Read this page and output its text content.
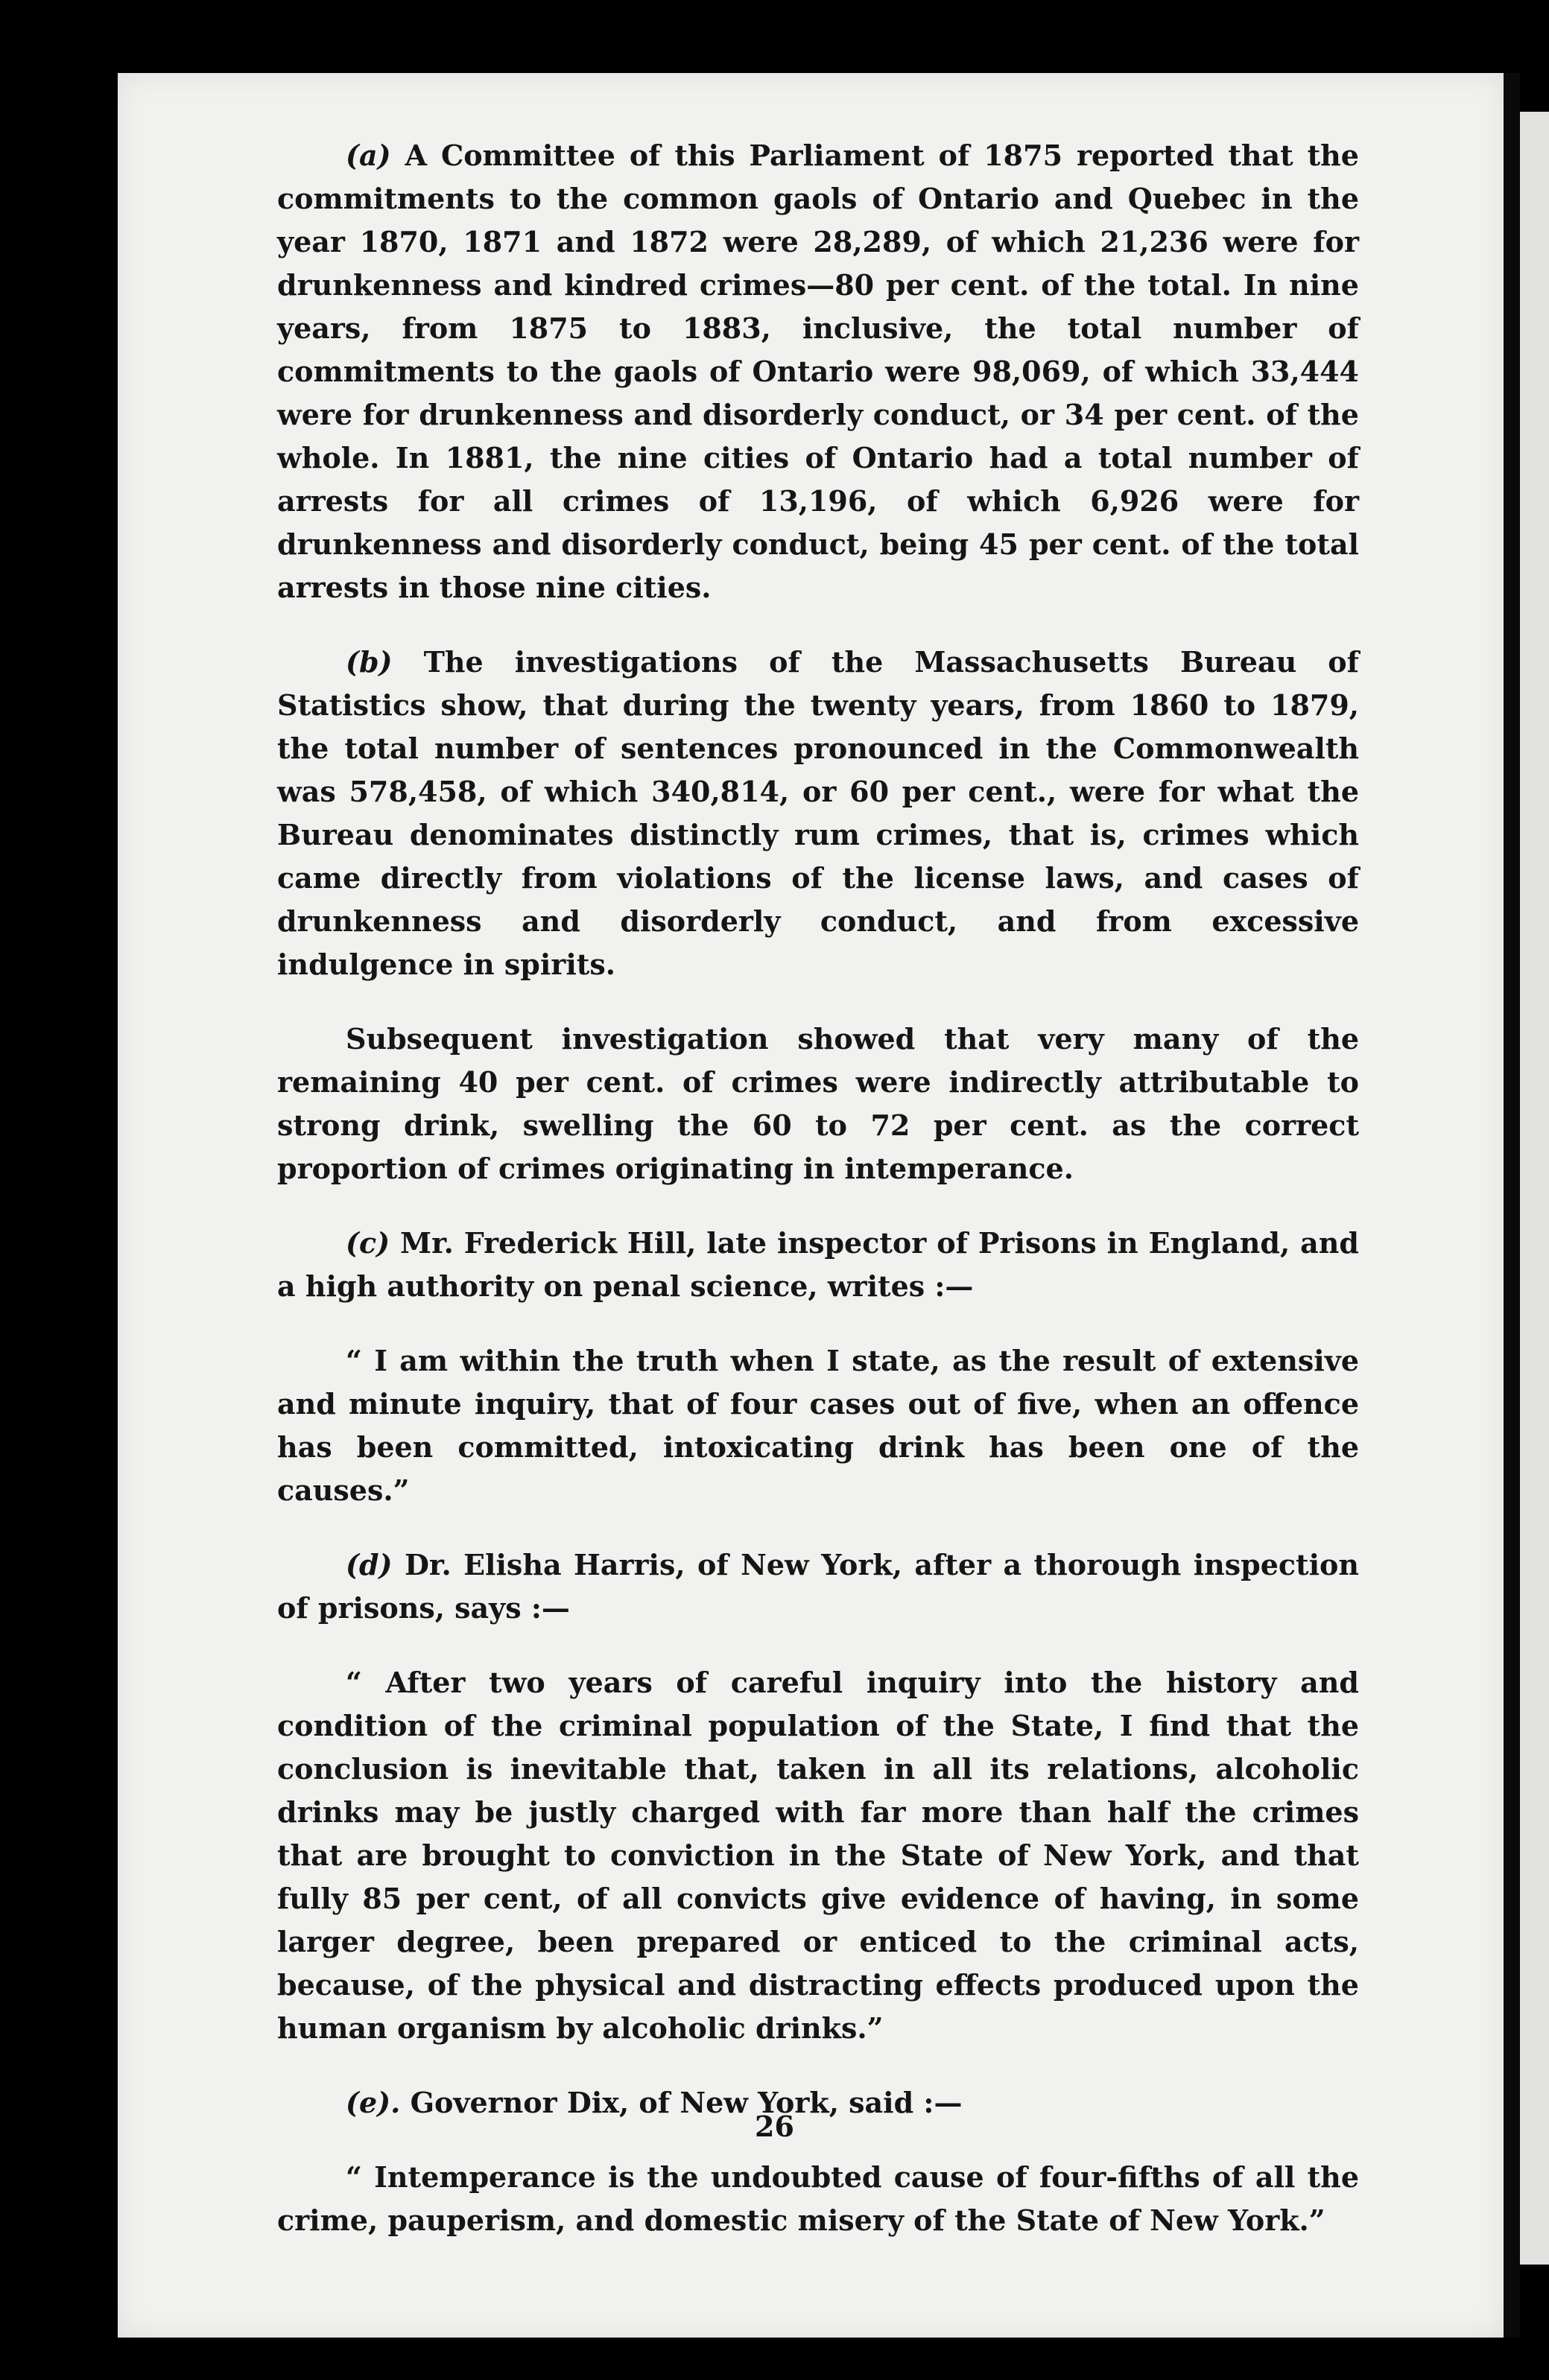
(a) A Committee of this Parliament of 1875 reported that the commitments to the common gaols of Ontario and Quebec in the year 1870, 1871 and 1872 were 28,289, of which 21,236 were for drunkenness and kindred crimes—80 per cent. of the total. In nine years, from 1875 to 1883, inclusive, the total number of commitments to the gaols of Ontario were 98,069, of which 33,444 were for drunkenness and disorderly conduct, or 34 per cent. of the whole. In 1881, the nine cities of Ontario had a total number of arrests for all crimes of 13,196, of which 6,926 were for drunkenness and disorderly conduct, being 45 per cent. of the total arrests in those nine cities.

(b) The investigations of the Massachusetts Bureau of Statistics show, that during the twenty years, from 1860 to 1879, the total number of sentences pronounced in the Commonwealth was 578,458, of which 340,814, or 60 per cent., were for what the Bureau denominates distinctly rum crimes, that is, crimes which came directly from violations of the license laws, and cases of drunkenness and disorderly conduct, and from excessive indulgence in spirits.

Subsequent investigation showed that very many of the remaining 40 per cent. of crimes were indirectly attributable to strong drink, swelling the 60 to 72 per cent. as the correct proportion of crimes originating in intemperance.

(c) Mr. Frederick Hill, late inspector of Prisons in England, and a high authority on penal science, writes :—

“ I am within the truth when I state, as the result of extensive and minute inquiry, that of four cases out of five, when an offence has been committed, intoxicating drink has been one of the causes.”

(d) Dr. Elisha Harris, of New York, after a thorough inspection of prisons, says :—

“ After two years of careful inquiry into the history and condition of the criminal population of the State, I find that the conclusion is inevitable that, taken in all its relations, alcoholic drinks may be justly charged with far more than half the crimes that are brought to conviction in the State of New York, and that fully 85 per cent, of all convicts give evidence of having, in some larger degree, been prepared or enticed to the criminal acts, because, of the physical and distracting effects produced upon the human organism by alcoholic drinks.”

(e). Governor Dix, of New York, said :—

“ Intemperance is the undoubted cause of four-fifths of all the crime, pauperism, and domestic misery of the State of New York.”

26
